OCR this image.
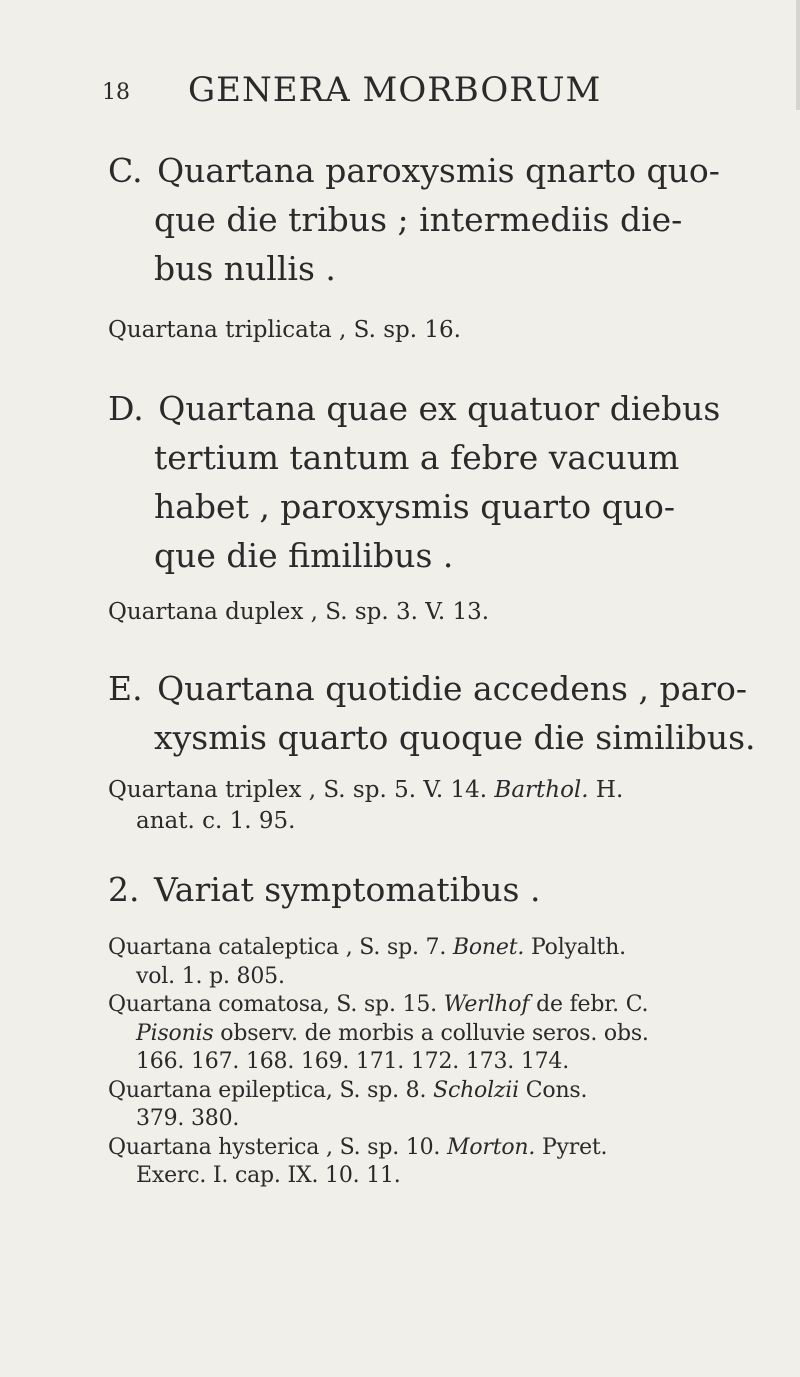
18 GENERA MORBORUM
C. Quartana paroxysmis qnarto quo-
que die tribus ; intermediis die-
bus nullis .
Quartana triplicata , S. sp. 16.
D. Quartana quae ex quatuor diebus
tertium tantum a febre vacuum
habet , paroxysmis quarto quo-
que die fimilibus .
Quartana duplex , S. sp. 3. V. 13.
E. Quartana quotidie accedens , paro-
xysmis quarto quoque die similibus.
Quartana triplex , S. sp. 5. V. 14. Barthol. H.
anat. c. 1. 95.
2. Variat symptomatibus .
Quartana cataleptica , S. sp. 7. Bonet. Polyalth.
vol. 1. p. 805.
Quartana comatosa, S. sp. 15. Werlhof de febr. C.
Pisonis observ. de morbis a colluvie seros. obs.
166. 167. 168. 169. 171. 172. 173. 174.
Quartana epileptica, S. sp. 8. Scholzii Cons.
379. 380.
Quartana hysterica , S. sp. 10. Morton. Pyret.
Exerc. I. cap. IX. 10. 11.
